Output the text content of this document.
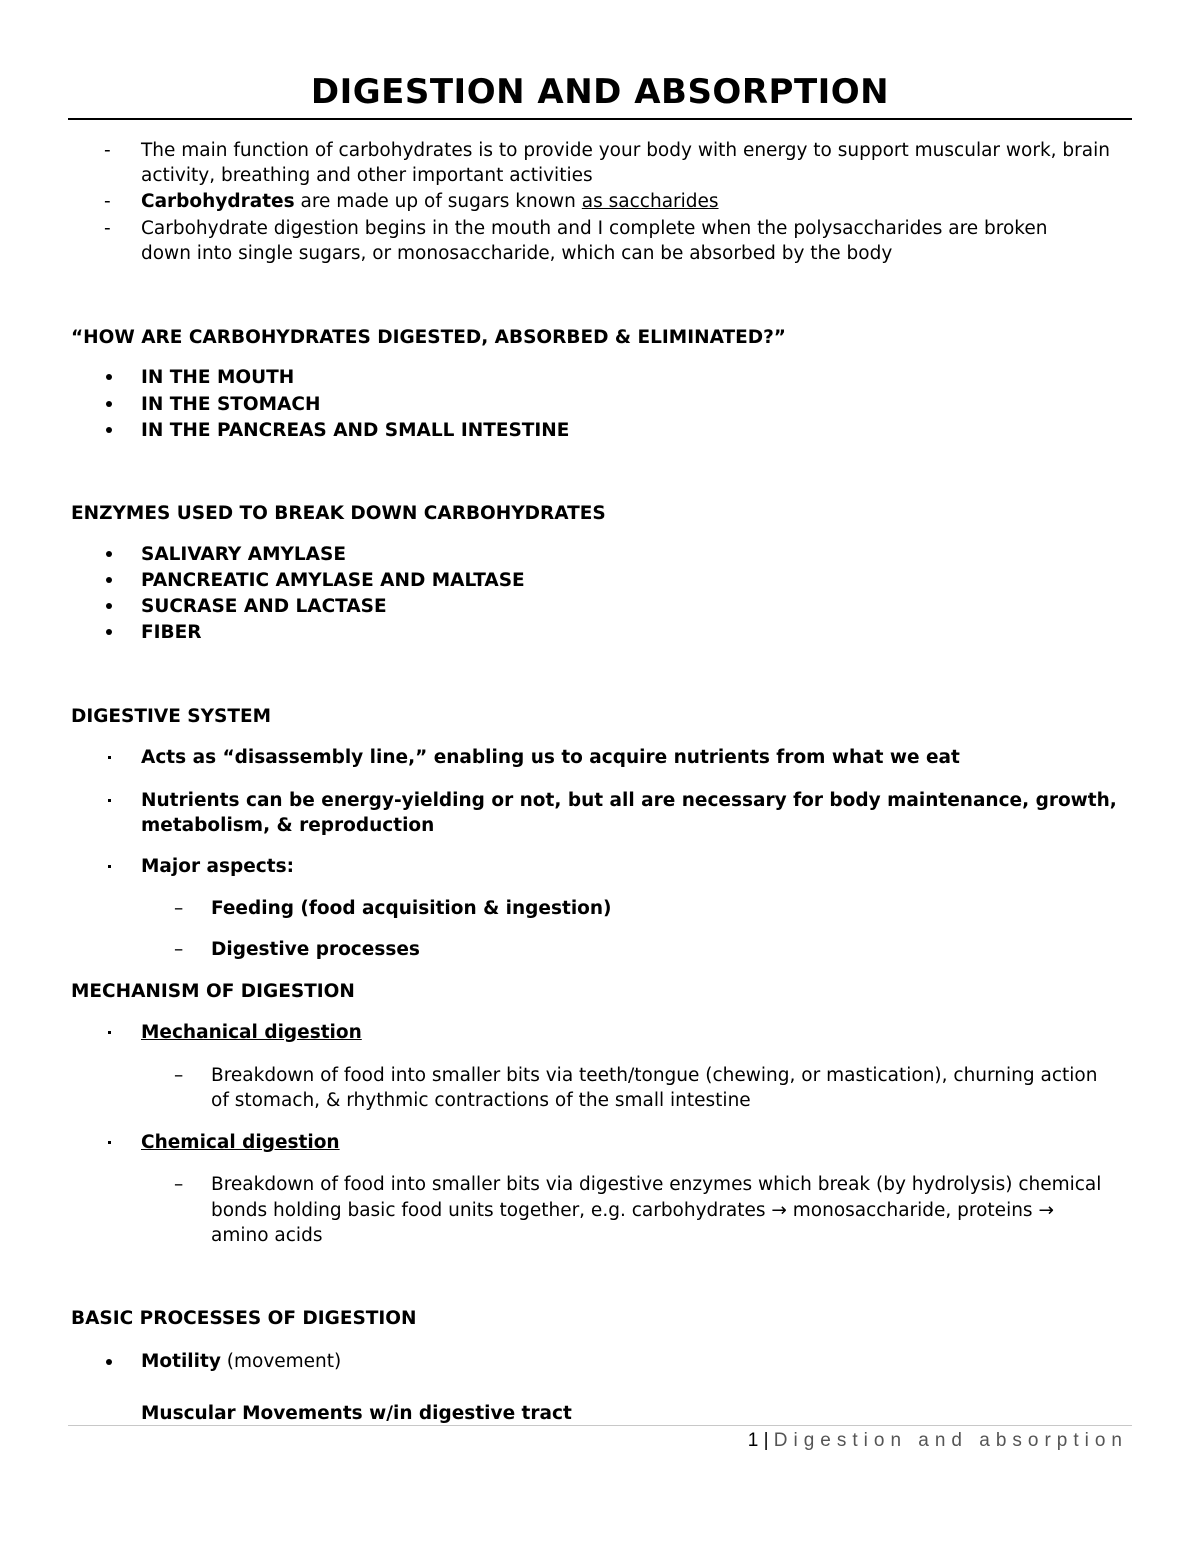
DIGESTION AND ABSORPTION
- The main function of carbohydrates is to provide your body with energy to support muscular work, brain
activity, breathing and other important activities
- Carbohydrates are made up of sugars known as saccharides
- Carbohydrate digestion begins in the mouth and I complete when the polysaccharides are broken
down into single sugars, or monosaccharide, which can be absorbed by the body
“HOW ARE CARBOHYDRATES DIGESTED, ABSORBED & ELIMINATED?”
IN THE MOUTH
IN THE STOMACH
IN THE PANCREAS AND SMALL INTESTINE
ENZYMES USED TO BREAK DOWN CARBOHYDRATES
SALIVARY AMYLASE
PANCREATIC AMYLASE AND MALTASE
SUCRASE AND LACTASE
FIBER
DIGESTIVE SYSTEM
Acts as “disassembly line,” enabling us to acquire nutrients from what we eat
Nutrients can be energy-yielding or not, but all are necessary for body maintenance, growth,
metabolism, & reproduction
Major aspects:
– Feeding (food acquisition & ingestion)
– Digestive processes
MECHANISM OF DIGESTION
Mechanical digestion
– Breakdown of food into smaller bits via teeth/tongue (chewing, or mastication), churning action
of stomach, & rhythmic contractions of the small intestine
Chemical digestion
– Breakdown of food into smaller bits via digestive enzymes which break (by hydrolysis) chemical
bonds holding basic food units together, e.g. carbohydrates → monosaccharide, proteins →
amino acids
BASIC PROCESSES OF DIGESTION
Motility (movement)
Muscular Movements w/in digestive tract
1 | Digestion and absorption
